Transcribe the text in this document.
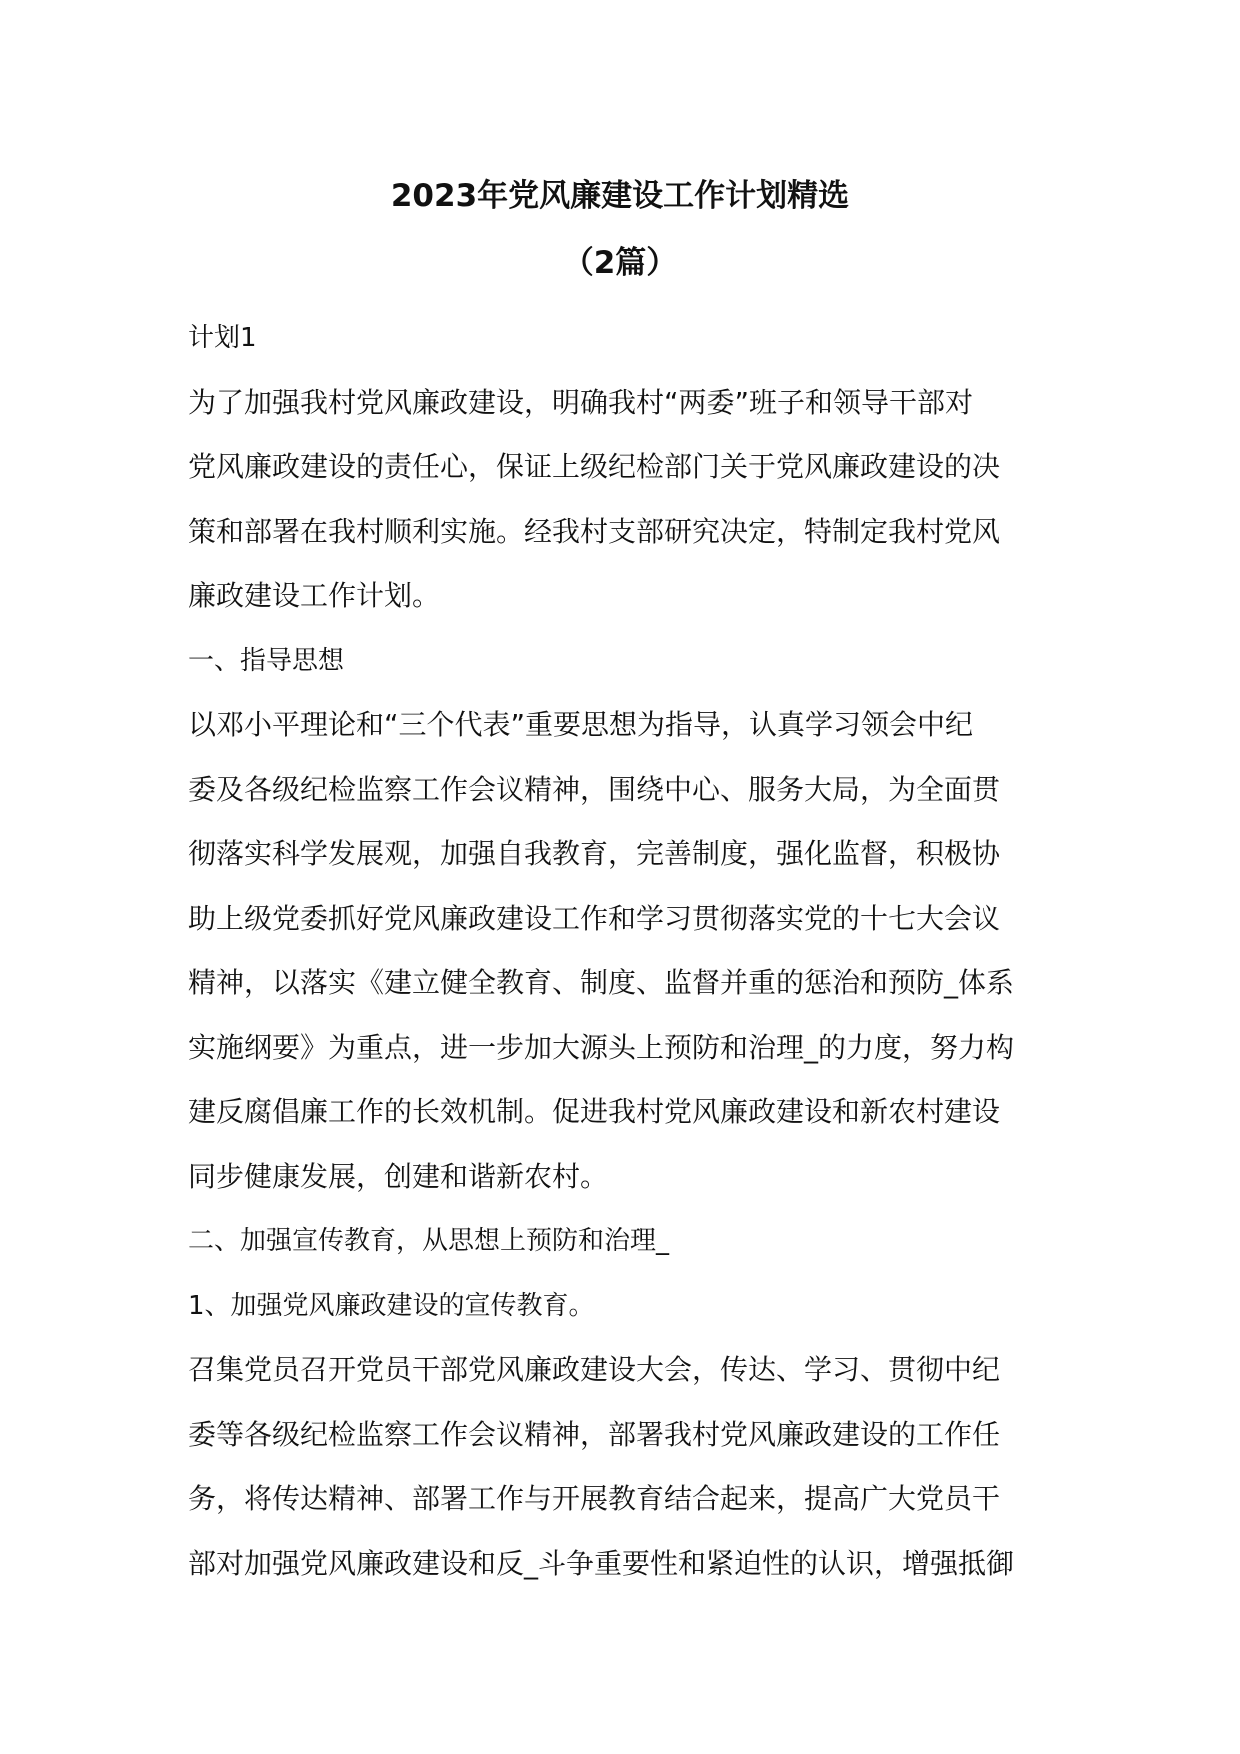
2023年党风廉建设工作计划精选
（2篇）
计划1
为了加强我村党风廉政建设，明确我村“两委”班子和领导干部对
党风廉政建设的责任心，保证上级纪检部门关于党风廉政建设的决
策和部署在我村顺利实施。经我村支部研究决定，特制定我村党风
廉政建设工作计划。
一、指导思想
以邓小平理论和“三个代表”重要思想为指导，认真学习领会中纪
委及各级纪检监察工作会议精神，围绕中心、服务大局，为全面贯
彻落实科学发展观，加强自我教育，完善制度，强化监督，积极协
助上级党委抓好党风廉政建设工作和学习贯彻落实党的十七大会议
精神，以落实《建立健全教育、制度、监督并重的惩治和预防_体系
实施纲要》为重点，进一步加大源头上预防和治理_的力度，努力构
建反腐倡廉工作的长效机制。促进我村党风廉政建设和新农村建设
同步健康发展，创建和谐新农村。
二、加强宣传教育，从思想上预防和治理_
1、加强党风廉政建设的宣传教育。
召集党员召开党员干部党风廉政建设大会，传达、学习、贯彻中纪
委等各级纪检监察工作会议精神，部署我村党风廉政建设的工作任
务，将传达精神、部署工作与开展教育结合起来，提高广大党员干
部对加强党风廉政建设和反_斗争重要性和紧迫性的认识，增强抵御
